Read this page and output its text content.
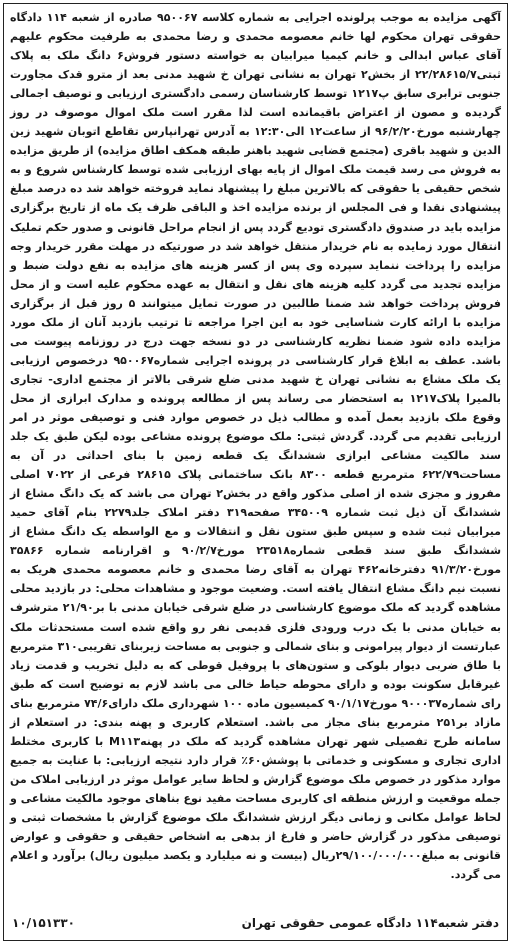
آگهی مزایده به موجب پرلونده اجرایی به شماره کلاسه ۹۵۰۰۶۷ صادره از شعبه ۱۱۴ دادگاه حقوقی تهران محکوم لها خانم معصومه محمدی و رضا محمدی به طرفیت محکوم علیهم آقای عباس ابدالی و خانم کیمیا میرابیان به خواسته دستور فروش۶ دانگ ملک به پلاک ثبتی۲۲/۲۸۶۱۵/۷ از بخش۲ تهران به نشانی تهران خ شهید مدنی بعد از مترو قدک مجاورت جنوبی ترابری سابق پ۱۲۱۷ توسط کارشناسان رسمی دادگستری ارزیابی و توصیف اجمالی گردیده و مصون از اعتراض باقیمانده است لذا مقرر است ملک اموال موصوف در روز چهارشنبه مورخ۹۶/۲/۲۰ از ساعت۱۲ الی۱۲:۳۰ به آدرس تهرانپارس تقاطع اتوبان شهید زین الدین و شهید باقری (مجتمع قضایی شهید باهنر طبقه همکف اطاق مزایده) از طریق مزایده به فروش می رسد قیمت ملک اموال از پایه بهای ارزیابی شده توسط کارشناس شروع و به شخص حقیقی یا حقوقی که بالاترین مبلغ را پیشنهاد نماید فروخته خواهد شد ده درصد مبلغ پیشنهادی نقدا و فی المجلس از برنده مزایده اخذ و الباقی ظرف یک ماه از تاریخ برگزاری مزایده باید در صندوق دادگستری تودیع گردد پس از انجام مراحل قانونی و صدور حکم تملیک انتقال مورد زمایده به نام خریدار منتقل خواهد شد در صورتیکه در مهلت مقرر خریدار وجه مزایده را پرداخت ننماید سپرده وی پس از کسر هزینه های مزایده به نفع دولت ضبط و مزایده تجدید می گردد کلیه هزینه های نقل و انتقال به عهده محکوم علیه است و از محل فروش پرداخت خواهد شد ضمنا طالبین در صورت تمایل میتوانند ۵ روز قبل از برگزاری مزایده با ارائه کارت شناسایی خود به این اجرا مراجعه تا ترتیب بازدید آنان از ملک مورد مزایده داده شود ضمنا نظریه کارشناسی در دو نسخه جهت درج در روزنامه پیوست می باشد. عطف به ابلاغ قرار کارشناسی در پرونده اجرایی شماره۹۵۰۰۶۷ درخصوص ارزیابی یک ملک مشاع به نشانی تهران خ شهید مدنی ضلع شرقی بالاتر از مجتمع اداری- تجاری بالمیرا پلاک۱۲۱۷ به استحضار می رساند پس از مطالعه پرونده و مدارک ابرازی از محل وقوع ملک بازدید بعمل آمده و مطالب ذیل در خصوص موارد فنی و توصیفی موثر در امر ارزیابی تقدیم می گردد. گردش ثبتی: ملک موضوع پرونده مشاعی بوده لیکن طبق یک جلد سند مالکیت مشاعی ابرازی ششدانگ یک قطعه زمین با بنای احداثی در آن به مساحت۶۲۲/۷۹ مترمربع قطعه ۸۳۰۰ بانک ساختمانی پلاک ۲۸۶۱۵ فرعی از ۷۰۲۲ اصلی مفروز و مجزی شده از اصلی مذکور واقع در بخش۲ تهران می باشد که یک دانگ مشاع از ششدانگ آن ذیل ثبت شماره ۳۴۵۰۰۹ صفحه۳۱۹ دفتر املاک جلد۲۲۷۹ بنام آقای حمید میرابیان ثبت شده و سپس طبق ستون نقل و انتقالات و مع الواسطه یک دانگ مشاع از ششدانگ طبق سند قطعی شماره۲۳۵۱۸ مورخ۹۰/۲/۷ و اقرارنامه شماره ۳۵۸۶۶ مورخ۹۱/۳/۲۰ دفترخانه۴۶۲ تهران به آقای رضا محمدی و خانم معصومه محمدی هریک به نسبت نیم دانگ مشاع انتقال یافته است. وضعیت موجود و مشاهدات محلی: در بازدید محلی مشاهده گردید که ملک موضوع کارشناسی در ضلع شرقی خیابان مدنی با بر۲۱/۹۰ مترشرف به خیابان مدنی با یک درب ورودی فلزی قدیمی نفر رو واقع شده است مستحدثات ملک عبارتست از دیوار پیرامونی و بنای شمالی و جنوبی به مساحت زیربنای تقریبی۳۱۰ مترمربع با طاق ضربی دیوار بلوکی و ستون‌های با پروفیل قوطی که به دلیل تخریب و قدمت زیاد غیرقابل سکونت بوده و دارای محوطه حیاط خالی می باشد لازم به توضیح است که طبق رای شماره۹۰۰۰۳۷ مورخ۹۰/۱/۱۷ کمیسیون ماده ۱۰۰ شهرداری ملک دارای۷۴/۶ مترمربع بنای مازاد بر۲۵۱ مترمربع بنای مجاز می باشد. استعلام کاربری و پهنه بندی: در استعلام از سامانه طرح تفصیلی شهر تهران مشاهده گردید که ملک در پهنهM۱۱۳ با کاربری مختلط اداری تجاری و مسکونی و خدماتی با پوشش۶۰٪ قرار دارد نتیجه ارزیابی: با عنایت به جمیع موارد مذکور در خصوص ملک موضوع گزارش و لحاظ سایر عوامل موثر در ارزیابی املاک من جمله موقعیت و ارزش منطقه ای کاربری مساحت مفید نوع بناهای موجود مالکیت مشاعی و لحاظ عوامل مکانی و زمانی دیگر ارزش ششدانگ ملک موضوع گزارش با مشخصات ثبتی و توصیفی مذکور در گزارش حاضر و فارغ از بدهی به اشخاص حقیقی و حقوقی و عوارض قانونی به مبلغ۲۹/۱۰۰/۰۰۰/۰۰۰ریال (بیست و نه میلیارد و یکصد میلیون ریال) برآورد و اعلام می گردد.

دفتر شعبه۱۱۴ دادگاه عمومی حقوقی تهران
۱۰/۱۵۱۳۳۰
